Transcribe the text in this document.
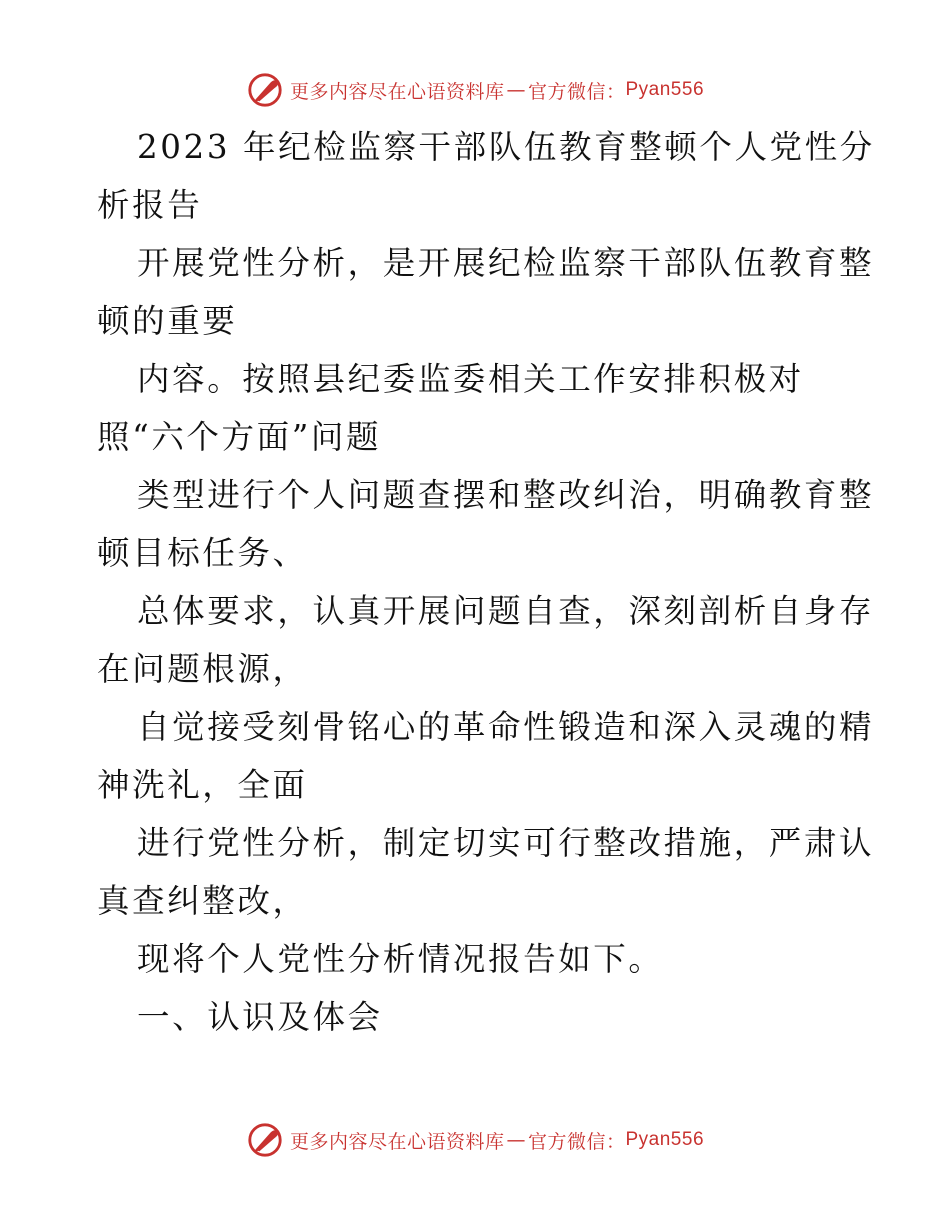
更多内容尽在心语资料库 — 官方微信： Pyan556
2023 年纪检监察干部队伍教育整顿个人党性分
析报告
开展党性分析，是开展纪检监察干部队伍教育整
顿的重要
内容。按照县纪委监委相关工作安排积极对
照“六个方面”问题
类型进行个人问题查摆和整改纠治，明确教育整
顿目标任务、
总体要求，认真开展问题自查，深刻剖析自身存
在问题根源，
自觉接受刻骨铭心的革命性锻造和深入灵魂的精
神洗礼，全面
进行党性分析，制定切实可行整改措施，严肃认
真查纠整改，
现将个人党性分析情况报告如下。
一、认识及体会
更多内容尽在心语资料库 — 官方微信： Pyan556
